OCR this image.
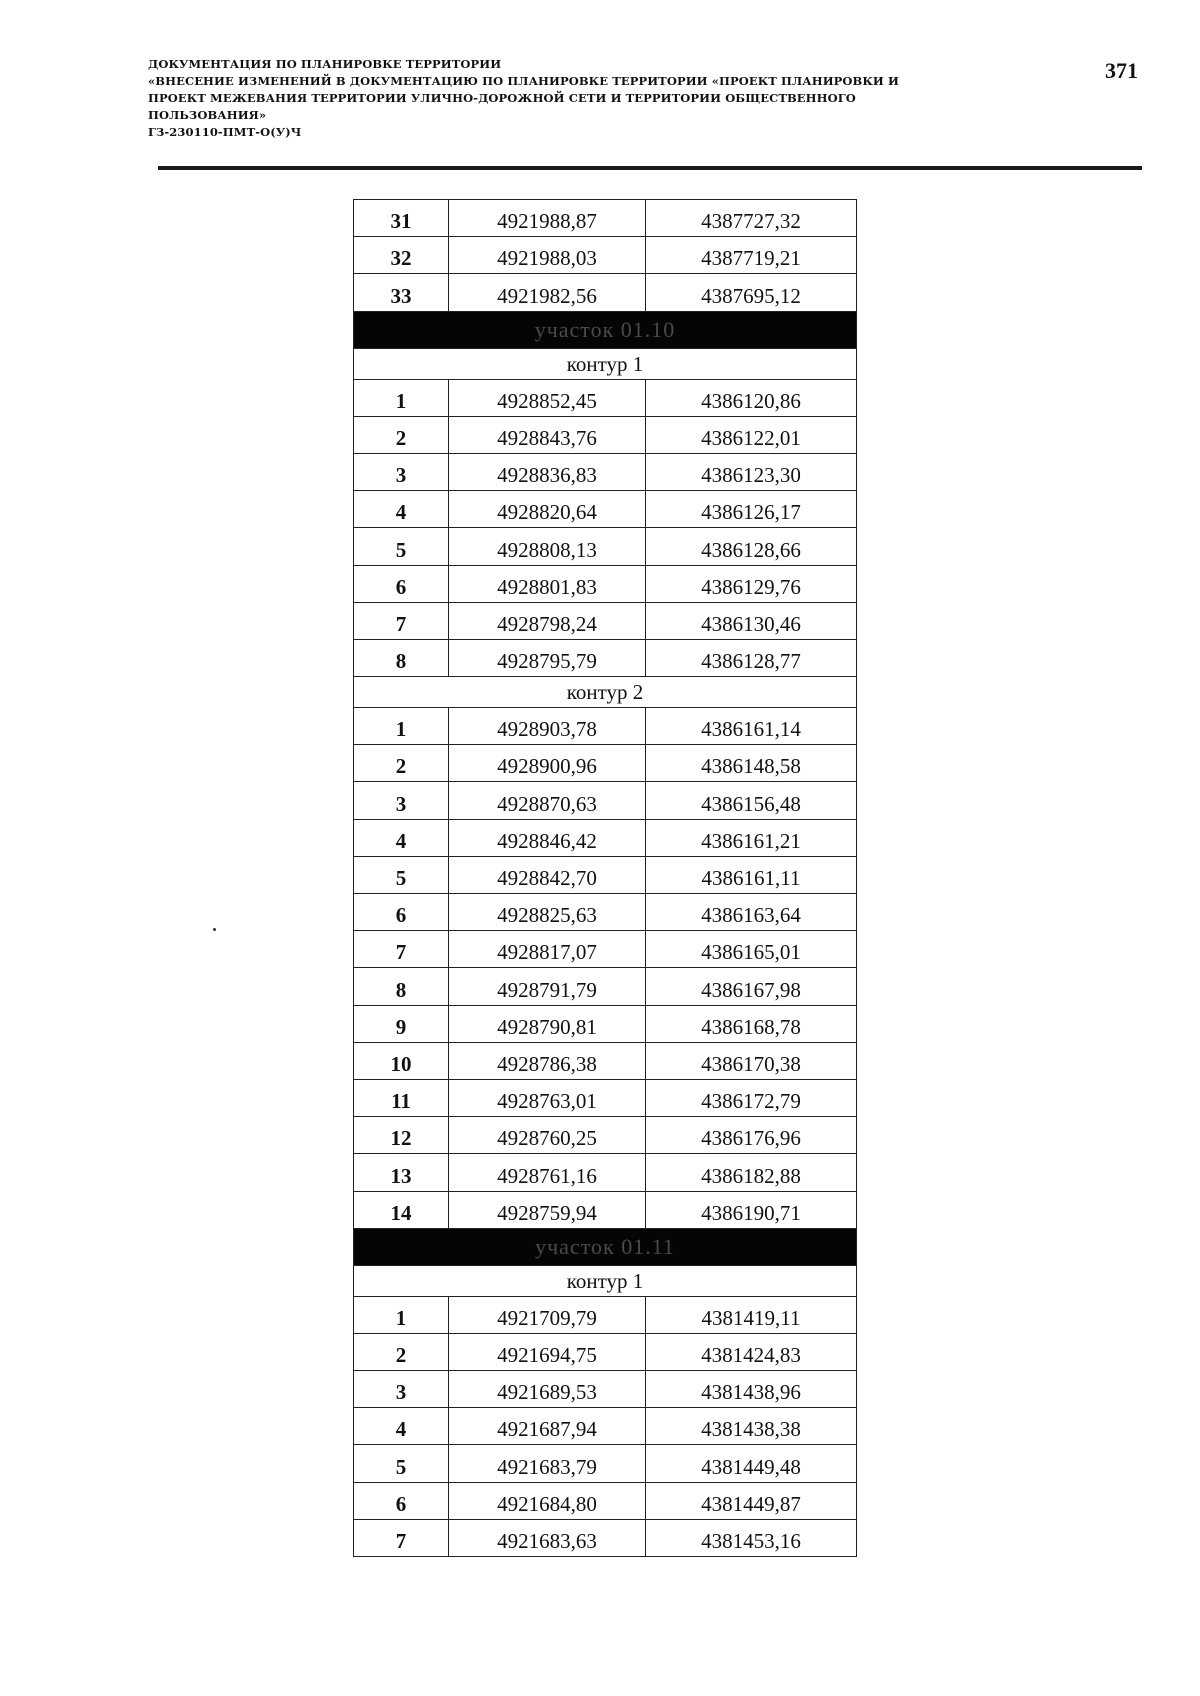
ДОКУМЕНТАЦИЯ ПО ПЛАНИРОВКЕ ТЕРРИТОРИИ
«ВНЕСЕНИЕ ИЗМЕНЕНИЙ В ДОКУМЕНТАЦИЮ ПО ПЛАНИРОВКЕ ТЕРРИТОРИИ «ПРОЕКТ ПЛАНИРОВКИ И
ПРОЕКТ МЕЖЕВАНИЯ ТЕРРИТОРИИ УЛИЧНО-ДОРОЖНОЙ СЕТИ И ТЕРРИТОРИИ ОБЩЕСТВЕННОГО
ПОЛЬЗОВАНИЯ»
ГЗ-230110-ПМТ-О(У)Ч
371
31	4921988,87	4387727,32
32	4921988,03	4387719,21
33	4921982,56	4387695,12
участок 01.10		
контур 1		
1	4928852,45	4386120,86
2	4928843,76	4386122,01
3	4928836,83	4386123,30
4	4928820,64	4386126,17
5	4928808,13	4386128,66
6	4928801,83	4386129,76
7	4928798,24	4386130,46
8	4928795,79	4386128,77
контур 2		
1	4928903,78	4386161,14
2	4928900,96	4386148,58
3	4928870,63	4386156,48
4	4928846,42	4386161,21
5	4928842,70	4386161,11
6	4928825,63	4386163,64
7	4928817,07	4386165,01
8	4928791,79	4386167,98
9	4928790,81	4386168,78
10	4928786,38	4386170,38
11	4928763,01	4386172,79
12	4928760,25	4386176,96
13	4928761,16	4386182,88
14	4928759,94	4386190,71
участок 01.11		
контур 1		
1	4921709,79	4381419,11
2	4921694,75	4381424,83
3	4921689,53	4381438,96
4	4921687,94	4381438,38
5	4921683,79	4381449,48
6	4921684,80	4381449,87
7	4921683,63	4381453,16
